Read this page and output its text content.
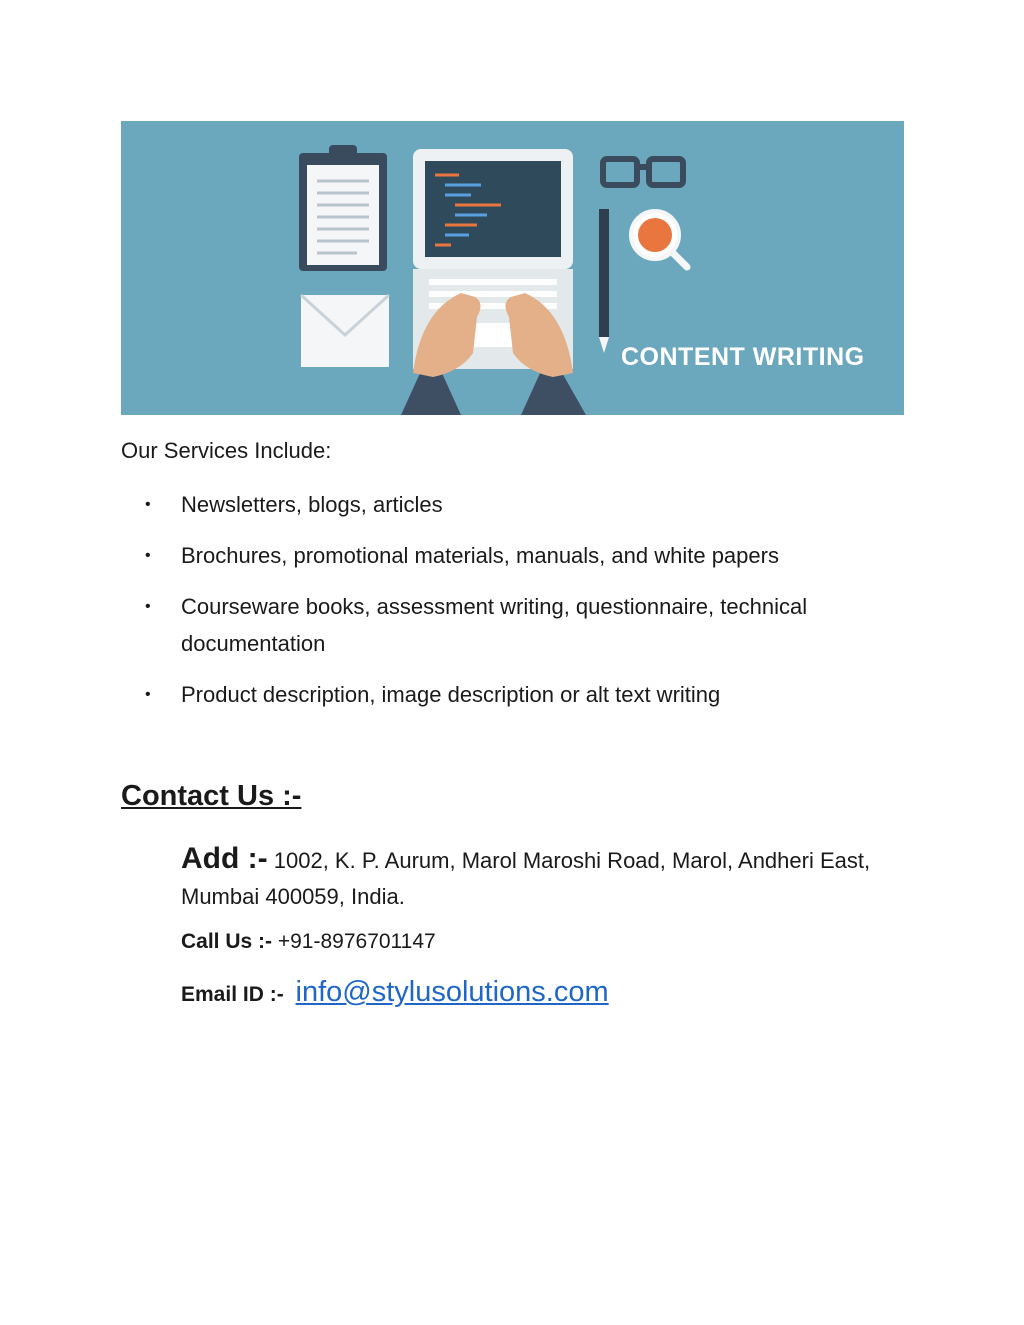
CONTENT WRITING
Our Services Include:
• Newsletters, blogs, articles
• Brochures, promotional materials, manuals, and white papers
• Courseware books, assessment writing, questionnaire, technical documentation
• Product description, image description or alt text writing
Contact Us :-
Add :- 1002, K. P. Aurum, Marol Maroshi Road, Marol, Andheri East, Mumbai 400059, India.
Call Us :- +91-8976701147
Email ID :- info@stylusolutions.com
